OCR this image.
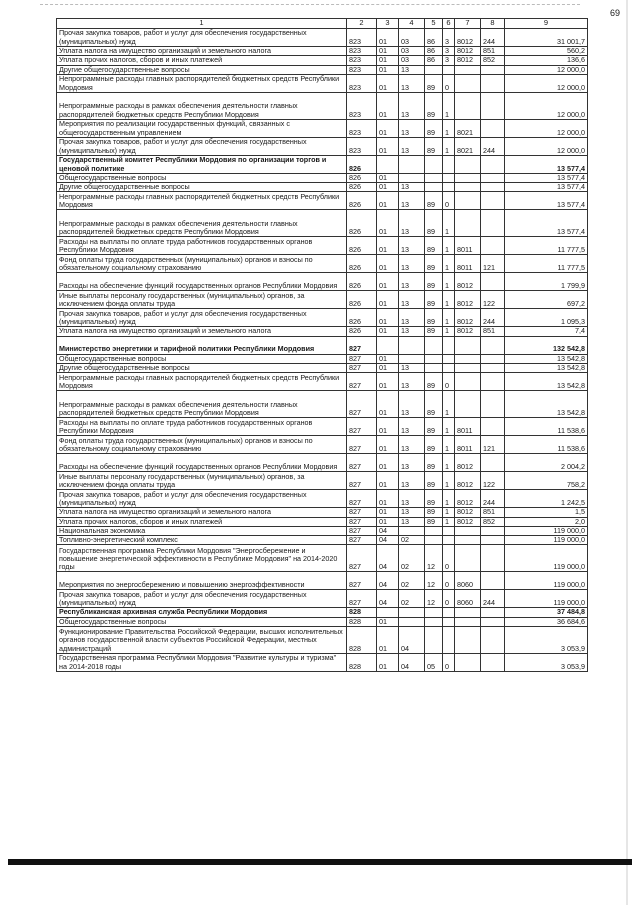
69
1	2	3	4	5	6	7	8	9
Прочая закупка товаров, работ и услуг для обеспечения государственных (муниципальных) нужд	823	01	03	86	3	8012	244	31 001,7
Уплата налога на имущество организаций и земельного налога	823	01	03	86	3	8012	851	560,2
Уплата прочих налогов, сборов и иных платежей	823	01	03	86	3	8012	852	136,6
Другие общегосударственные вопросы	823	01	13					12 000,0
Непрограммные расходы главных распорядителей бюджетных средств Республики Мордовия	823	01	13	89	0			12 000,0
Непрограммные расходы в рамках обеспечения деятельности главных распорядителей бюджетных средств Республики Мордовия	823	01	13	89	1			12 000,0
Мероприятия по реализации государственных функций, связанных с общегосударственным управлением	823	01	13	89	1	8021		12 000,0
Прочая закупка товаров, работ и услуг для обеспечения государственных (муниципальных) нужд	823	01	13	89	1	8021	244	12 000,0
Государственный комитет Республики Мордовия по организации торгов и ценовой политике	826							13 577,4
Общегосударственные вопросы	826	01						13 577,4
Другие общегосударственные вопросы	826	01	13					13 577,4
Непрограммные расходы главных распорядителей бюджетных средств Республики Мордовия	826	01	13	89	0			13 577,4
Непрограммные расходы в рамках обеспечения деятельности главных распорядителей бюджетных средств Республики Мордовия	826	01	13	89	1			13 577,4
Расходы на выплаты по оплате труда работников государственных органов Республики Мордовия	826	01	13	89	1	8011		11 777,5
Фонд оплаты труда государственных (муниципальных) органов и взносы по обязательному социальному страхованию	826	01	13	89	1	8011	121	11 777,5
Расходы на обеспечение функций государственных органов Республики Мордовия	826	01	13	89	1	8012		1 799,9
Иные выплаты персоналу государственных (муниципальных) органов, за исключением фонда оплаты труда	826	01	13	89	1	8012	122	697,2
Прочая закупка товаров, работ и услуг для обеспечения государственных (муниципальных) нужд	826	01	13	89	1	8012	244	1 095,3
Уплата налога на имущество организаций и земельного налога	826	01	13	89	1	8012	851	7,4
Министерство энергетики и тарифной политики Республики Мордовия	827							132 542,8
Общегосударственные вопросы	827	01						13 542,8
Другие общегосударственные вопросы	827	01	13					13 542,8
Непрограммные расходы главных распорядителей бюджетных средств Республики Мордовия	827	01	13	89	0			13 542,8
Непрограммные расходы в рамках обеспечения деятельности главных распорядителей бюджетных средств Республики Мордовия	827	01	13	89	1			13 542,8
Расходы на выплаты по оплате труда работников государственных органов Республики Мордовия	827	01	13	89	1	8011		11 538,6
Фонд оплаты труда государственных (муниципальных) органов и взносы по обязательному социальному страхованию	827	01	13	89	1	8011	121	11 538,6
Расходы на обеспечение функций государственных органов Республики Мордовия	827	01	13	89	1	8012		2 004,2
Иные выплаты персоналу государственных (муниципальных) органов, за исключением фонда оплаты труда	827	01	13	89	1	8012	122	758,2
Прочая закупка товаров, работ и услуг для обеспечения государственных (муниципальных) нужд	827	01	13	89	1	8012	244	1 242,5
Уплата налога на имущество организаций и земельного налога	827	01	13	89	1	8012	851	1,5
Уплата прочих налогов, сборов и иных платежей	827	01	13	89	1	8012	852	2,0
Национальная экономика	827	04						119 000,0
Топливно-энергетический комплекс	827	04	02					119 000,0
Государственная программа Республики Мордовия "Энергосбережение и повышение энергетической эффективности в Республике Мордовия" на 2014-2020 годы	827	04	02	12	0			119 000,0
Мероприятия по энергосбережению и повышению энергоэффективности	827	04	02	12	0	8060		119 000,0
Прочая закупка товаров, работ и услуг для обеспечения государственных (муниципальных) нужд	827	04	02	12	0	8060	244	119 000,0
Республиканская архивная служба Республики Мордовия	828							37 484,8
Общегосударственные вопросы	828	01						36 684,6
Функционирование Правительства Российской Федерации, высших исполнительных органов государственной власти субъектов Российской Федерации, местных администраций	828	01	04					3 053,9
Государственная программа Республики Мордовия "Развитие культуры и туризма" на 2014-2018 годы	828	01	04	05	0			3 053,9
